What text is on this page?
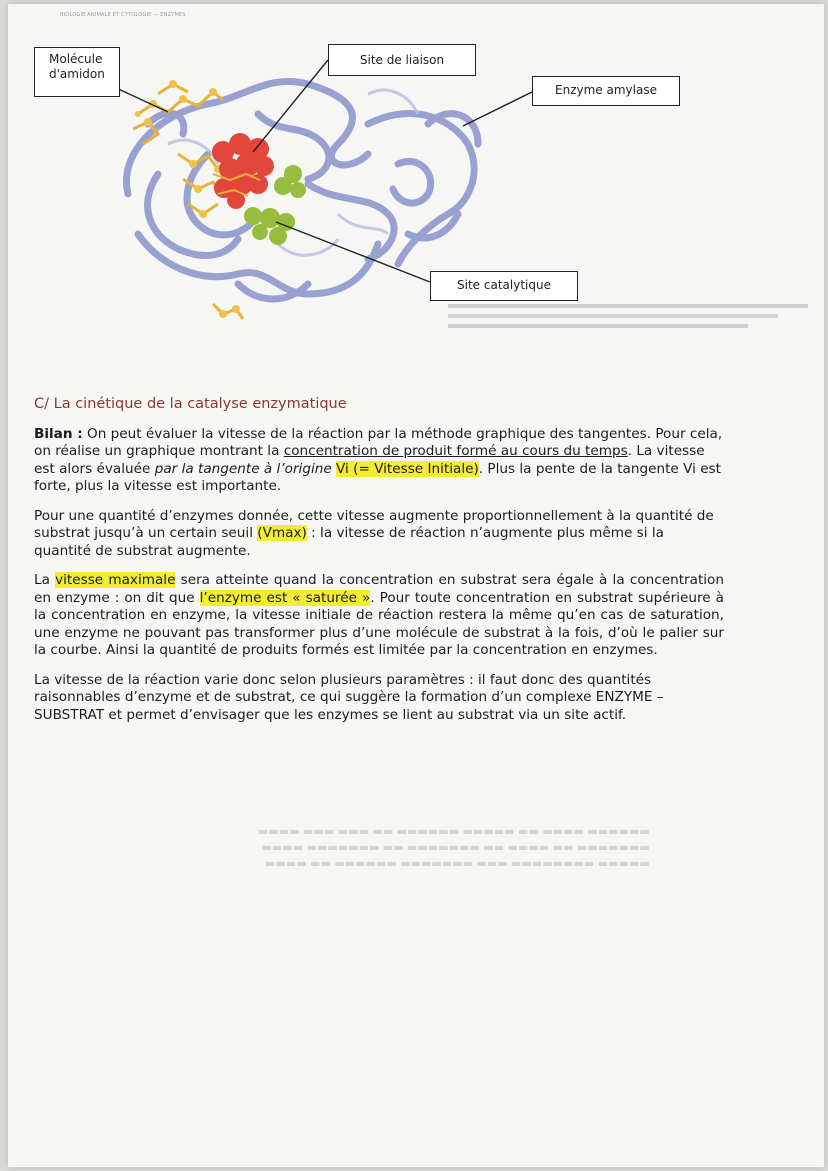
BIOLOGIE ANIMALE ET CYTOLOGIE — ENZYMES
▬▬▬▬▬ ▬▬▬▬▬▬▬▬ ▬▬▬ ▬▬▬▬▬▬▬ ▬▬▬▬▬▬ ▬▬ ▬▬▬▬
▬▬▬▬▬▬▬ ▬▬ ▬▬▬▬ ▬▬ ▬▬▬▬▬▬▬ ▬▬ ▬▬▬▬▬▬▬ ▬▬▬▬
▬▬▬▬▬▬ ▬▬▬▬ ▬▬ ▬▬▬▬▬ ▬▬▬▬▬▬ ▬▬ ▬▬▬ ▬▬▬ ▬▬▬▬
Molécule
d'amidon
Site de liaison
Enzyme amylase
Site catalytique
C/ La cinétique de la catalyse enzymatique

Bilan : On peut évaluer la vitesse de la réaction par la méthode graphique des tangentes. Pour cela, on réalise un graphique montrant la concentration de produit formé au cours du temps. La vitesse est alors évaluée par la tangente à l’origine Vi (= Vitesse Initiale). Plus la pente de la tangente Vi est forte, plus la vitesse est importante.

Pour une quantité d’enzymes donnée, cette vitesse augmente proportionnellement à la quantité de substrat jusqu’à un certain seuil (Vmax) : la vitesse de réaction n’augmente plus même si la quantité de substrat augmente.

La vitesse maximale sera atteinte quand la concentration en substrat sera égale à la concentration en enzyme : on dit que l’enzyme est « saturée ». Pour toute concentration en substrat supérieure à la concentration en enzyme, la vitesse initiale de réaction restera la même qu’en cas de saturation, une enzyme ne pouvant pas transformer plus d’une molécule de substrat à la fois, d’où le palier sur la courbe. Ainsi la quantité de produits formés est limitée par la concentration en enzymes.

La vitesse de la réaction varie donc selon plusieurs paramètres : il faut donc des quantités raisonnables d’enzyme et de substrat, ce qui suggère la formation d’un complexe ENZYME – SUBSTRAT et permet d’envisager que les enzymes se lient au substrat via un site actif.
